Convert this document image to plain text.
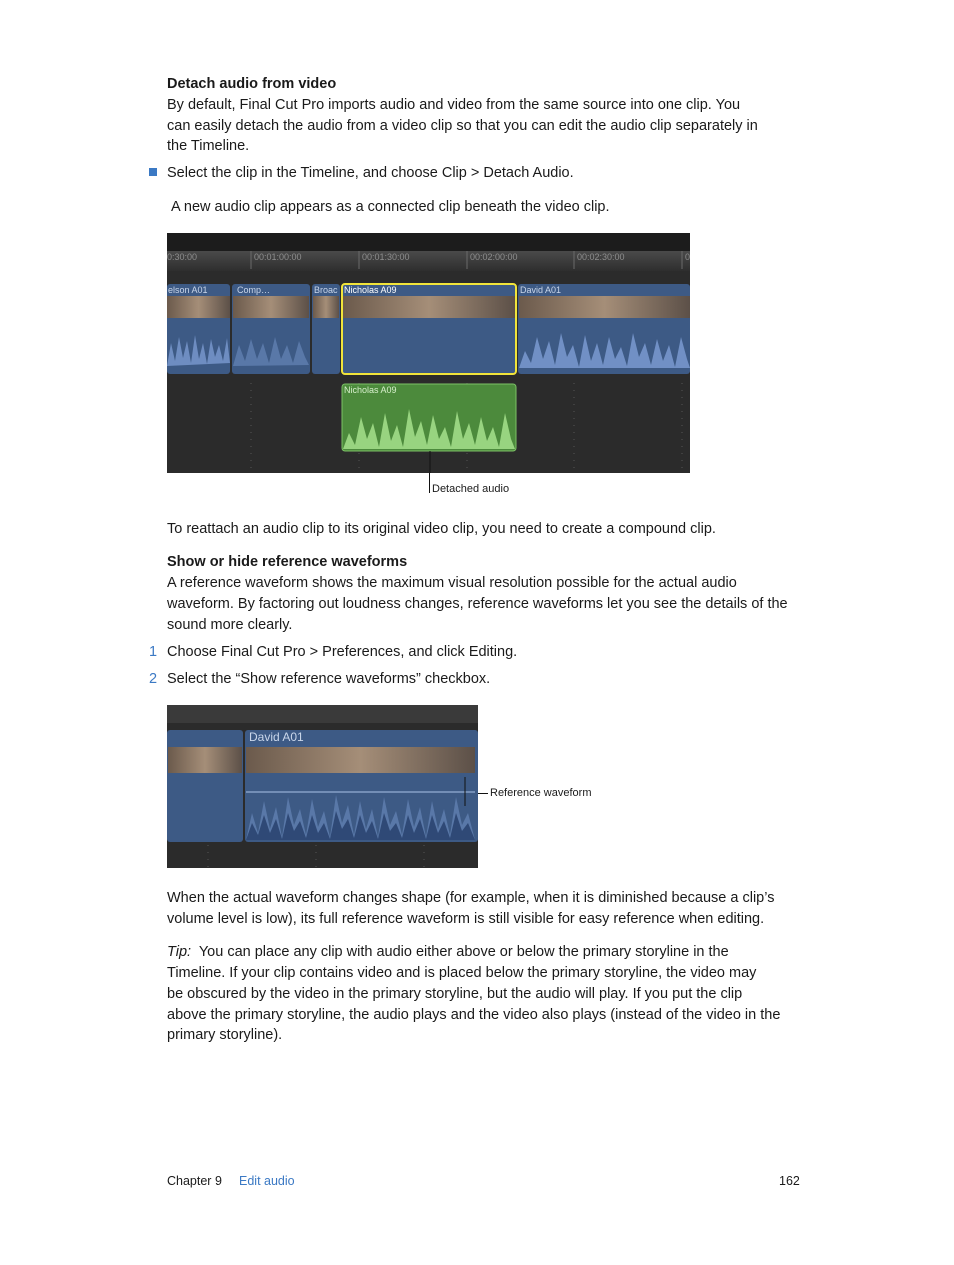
Detach audio from video

By default, Final Cut Pro imports audio and video from the same source into one clip. You

can easily detach the audio from a video clip so that you can edit the audio clip separately in

the Timeline.

Select the clip in the Timeline, and choose Clip > Detach Audio.

A new audio clip appears as a connected clip beneath the video clip.

0:30:00	00:01:00:00	00:01:30:00	00:02:00:00	00:02:30:00	0
elson A01	Comp…	Broac Nicholas A09	David A01
Nicholas A09
Detached audio

To reattach an audio clip to its original video clip, you need to create a compound clip.

Show or hide reference waveforms

A reference waveform shows the maximum visual resolution possible for the actual audio

waveform. By factoring out loudness changes, reference waveforms let you see the details of the

sound more clearly.

1 Choose Final Cut Pro > Preferences, and click Editing.

2 Select the “Show reference waveforms” checkbox.

David A01
Reference waveform

When the actual waveform changes shape (for example, when it is diminished because a clip’s

volume level is low), its full reference waveform is still visible for easy reference when editing.

Tip: You can place any clip with audio either above or below the primary storyline in the

Timeline. If your clip contains video and is placed below the primary storyline, the video may

be obscured by the video in the primary storyline, but the audio will play. If you put the clip

above the primary storyline, the audio plays and the video also plays (instead of the video in the

primary storyline).

Chapter 9 Edit audio	162
